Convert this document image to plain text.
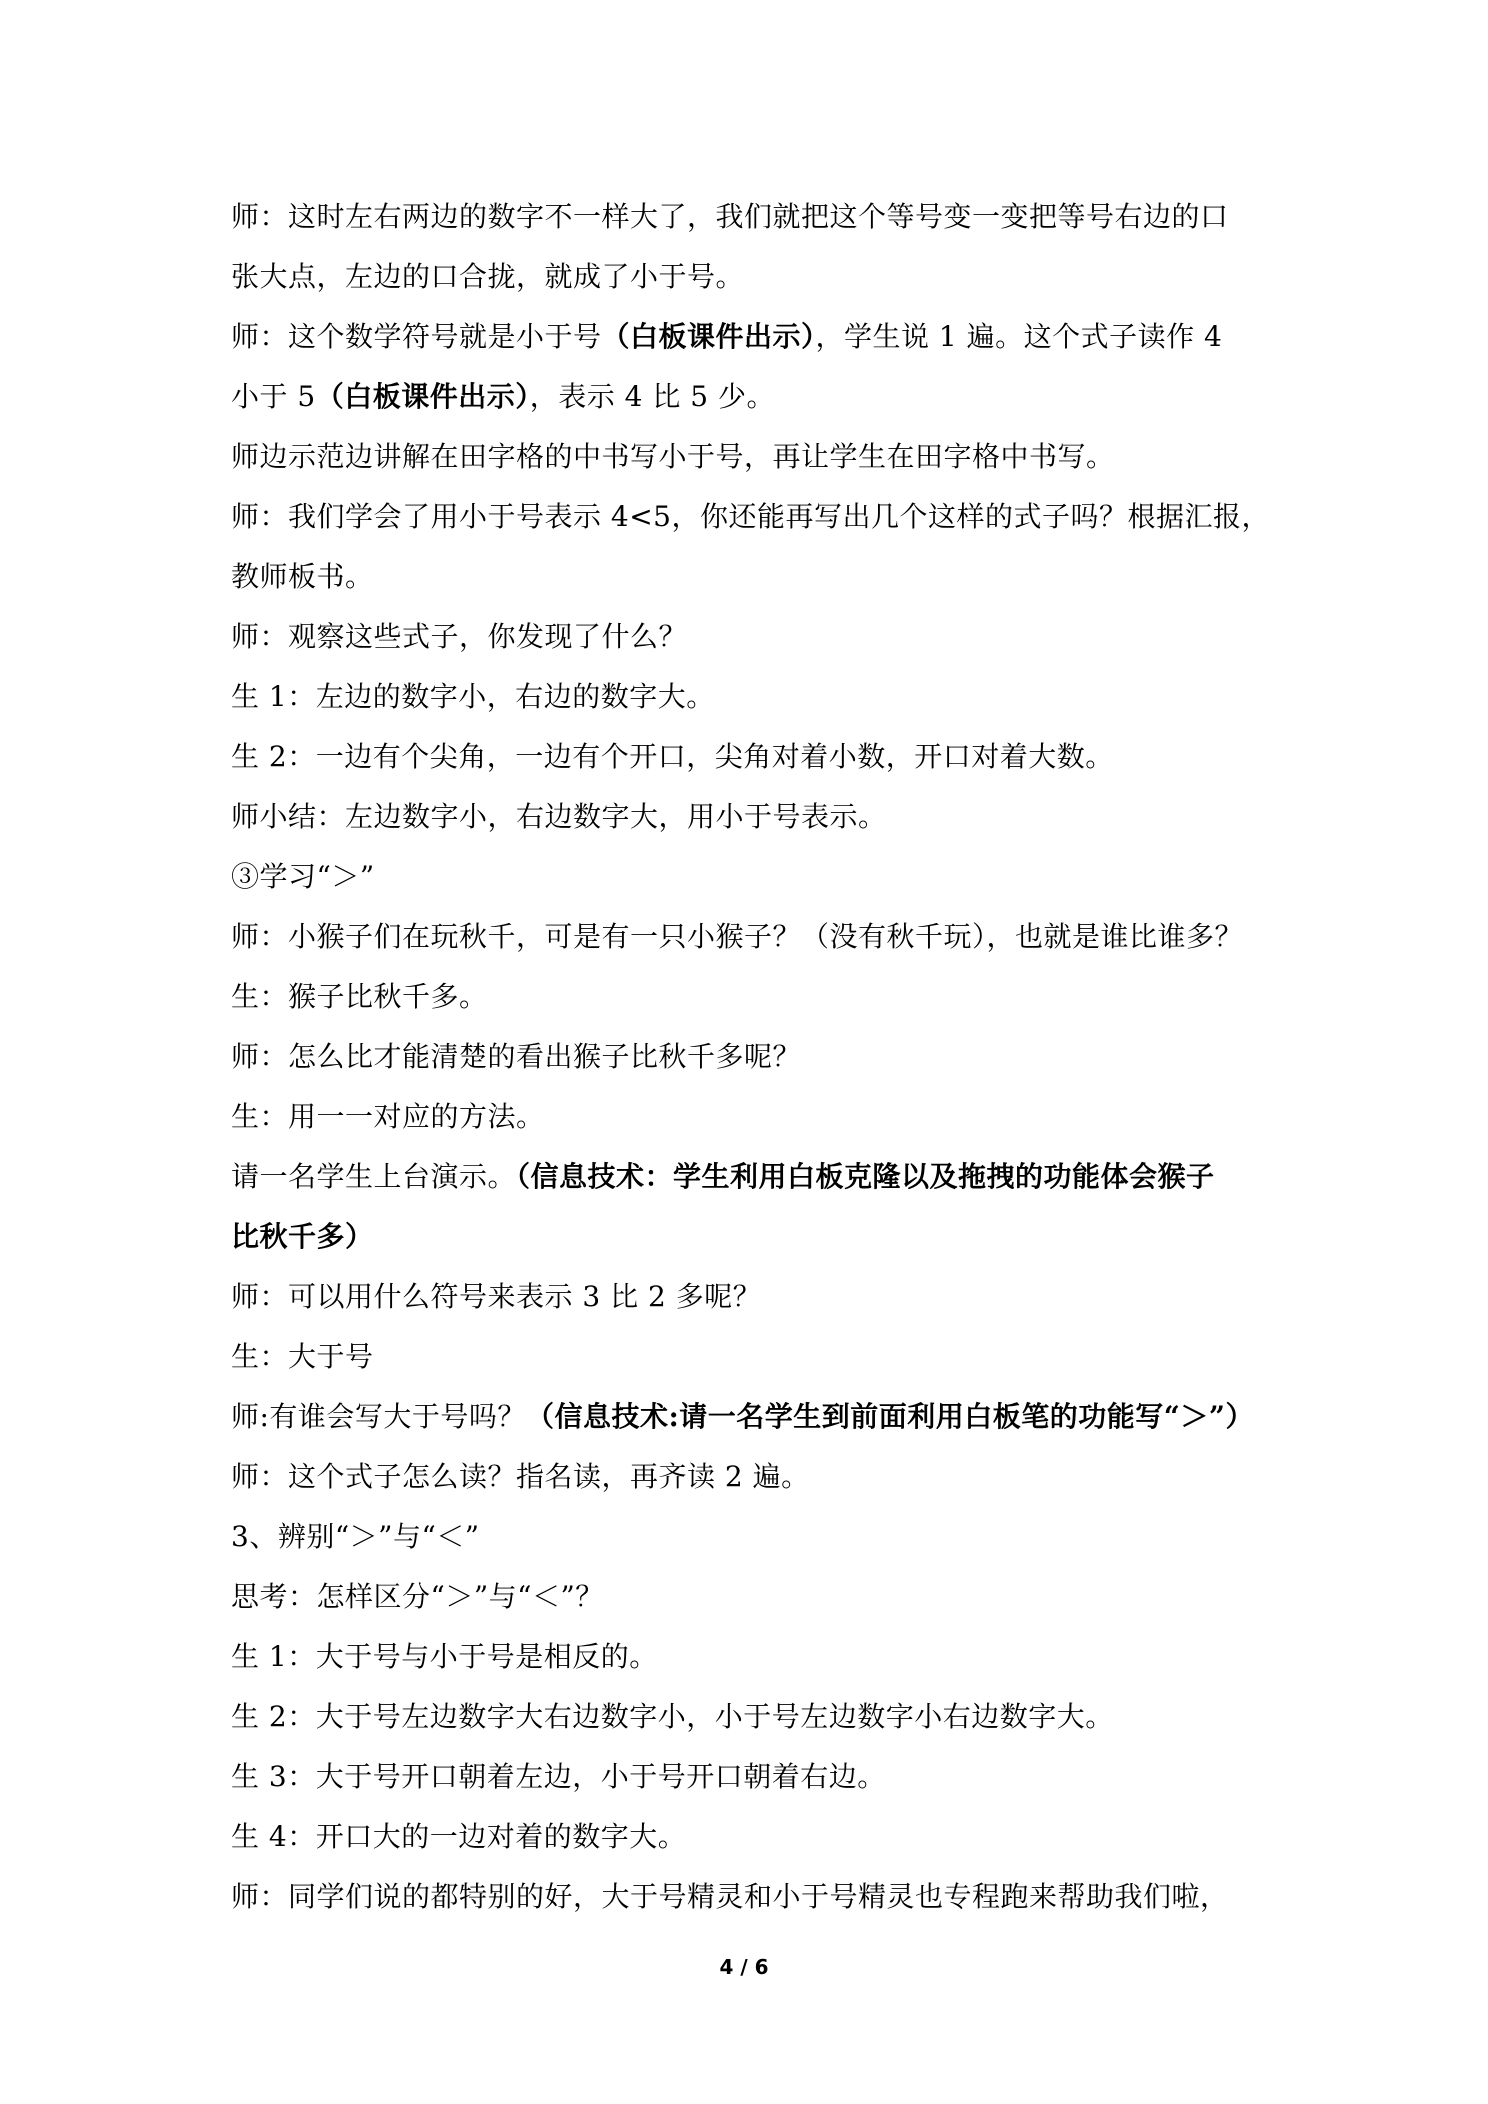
师：这时左右两边的数字不一样大了，我们就把这个等号变一变把等号右边的口
张大点，左边的口合拢，就成了小于号。
师：这个数学符号就是小于号（白板课件出示），学生说 1 遍。这个式子读作 4
小于 5（白板课件出示），表示 4 比 5 少。
师边示范边讲解在田字格的中书写小于号，再让学生在田字格中书写。
师：我们学会了用小于号表示 4<5，你还能再写出几个这样的式子吗？根据汇报，
教师板书。
师：观察这些式子，你发现了什么？
生 1：左边的数字小，右边的数字大。
生 2：一边有个尖角，一边有个开口，尖角对着小数，开口对着大数。
师小结：左边数字小，右边数字大，用小于号表示。
③学习“＞”
师：小猴子们在玩秋千，可是有一只小猴子？（没有秋千玩），也就是谁比谁多？
生：猴子比秋千多。
师：怎么比才能清楚的看出猴子比秋千多呢？
生：用一一对应的方法。
请一名学生上台演示。（信息技术：学生利用白板克隆以及拖拽的功能体会猴子
比秋千多）
师：可以用什么符号来表示 3 比 2 多呢？
生：大于号
师:有谁会写大于号吗？（信息技术:请一名学生到前面利用白板笔的功能写“＞”）
师：这个式子怎么读？指名读，再齐读 2 遍。
3、辨别“＞”与“＜”
思考：怎样区分“＞”与“＜”？
生 1：大于号与小于号是相反的。
生 2：大于号左边数字大右边数字小，小于号左边数字小右边数字大。
生 3：大于号开口朝着左边，小于号开口朝着右边。
生 4：开口大的一边对着的数字大。
师：同学们说的都特别的好，大于号精灵和小于号精灵也专程跑来帮助我们啦，
4 / 6
